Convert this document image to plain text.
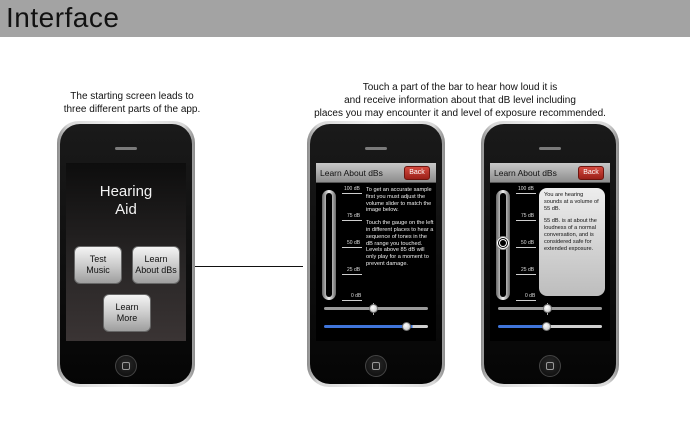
Interface
The starting screen leads to
three different parts of the app.
Touch a part of the bar to hear how loud it is
and receive information about that dB level including
places you may encounter it and level of exposure recommended.
Hearing
Aid
Test Music
Learn
About dBs
Learn
More
Learn About dBs	Back
100 dB
75 dB
50 dB
25 dB
0 dB

To get an accurate sample first you must adjust the volume slider to match the image below.

Touch the gauge on the left in different places to hear a sequence of tones in the dB range you touched. Levels above 85 dB will only play for a moment to prevent damage.

Learn About dBs	Back
100 dB
75 dB
50 dB
25 dB
0 dB

You are hearing sounds at a volume of 55 dB.

55 dB. is at about the loudness of a normal conversation, and is considered safe for extended exposure.
